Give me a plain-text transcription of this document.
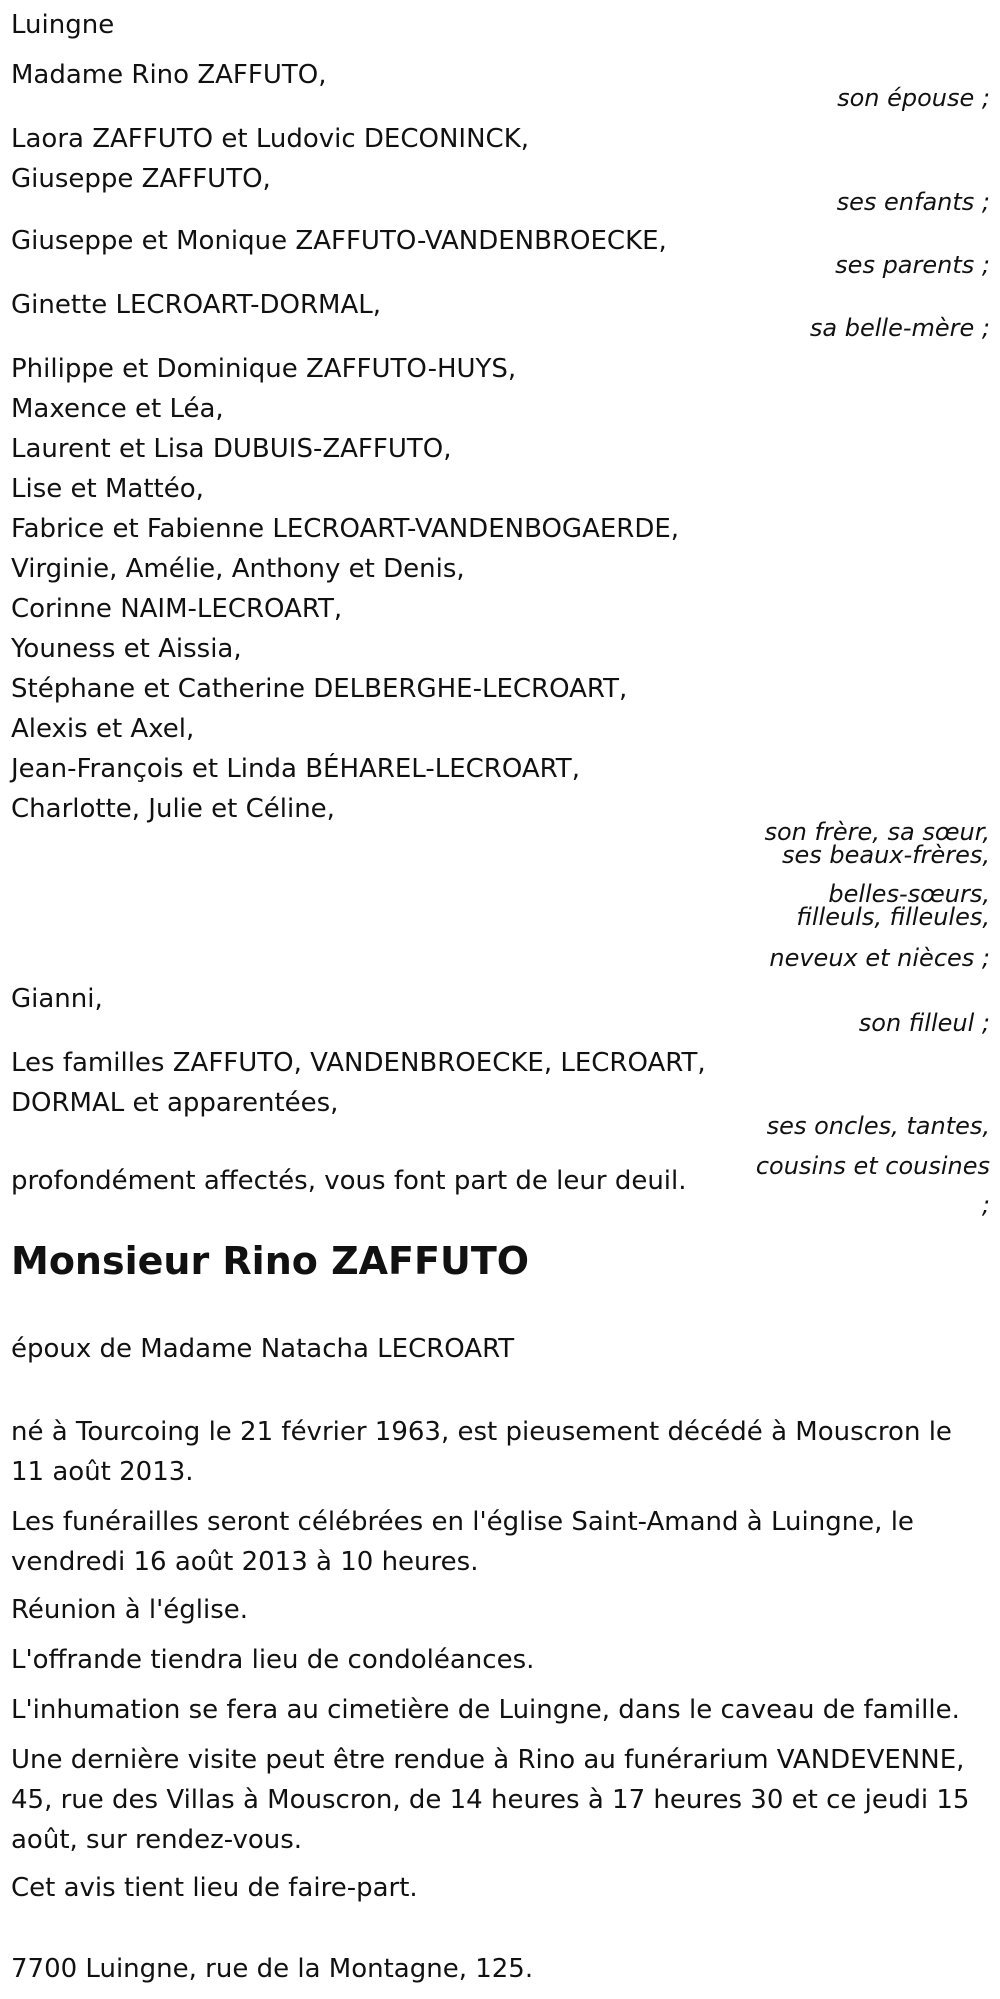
Luingne
Madame Rino ZAFFUTO,
son épouse ;
Laora ZAFFUTO et Ludovic DECONINCK,
Giuseppe ZAFFUTO,
ses enfants ;
Giuseppe et Monique ZAFFUTO-VANDENBROECKE,
ses parents ;
Ginette LECROART-DORMAL,
sa belle-mère ;
Philippe et Dominique ZAFFUTO-HUYS,
Maxence et Léa,
Laurent et Lisa DUBUIS-ZAFFUTO,
Lise et Mattéo,
Fabrice et Fabienne LECROART-VANDENBOGAERDE,
Virginie, Amélie, Anthony et Denis,
Corinne NAIM-LECROART,
Youness et Aissia,
Stéphane et Catherine DELBERGHE-LECROART,
Alexis et Axel,
Jean-François et Linda BÉHAREL-LECROART,
Charlotte, Julie et Céline,
son frère, sa sœur,
ses beaux-frères,
belles-sœurs,
filleuls, filleules,
neveux et nièces ;
Gianni,
son filleul ;
Les familles ZAFFUTO, VANDENBROECKE, LECROART,
DORMAL et apparentées,
ses oncles, tantes,
cousins et cousines
;
profondément affectés, vous font part de leur deuil.
Monsieur Rino ZAFFUTO
époux de Madame Natacha LECROART
né à Tourcoing le 21 février 1963, est pieusement décédé à Mouscron le 11 août 2013.
Les funérailles seront célébrées en l'église Saint-Amand à Luingne, le vendredi 16 août 2013 à 10 heures.
Réunion à l'église.
L'offrande tiendra lieu de condoléances.
L'inhumation se fera au cimetière de Luingne, dans le caveau de famille.
Une dernière visite peut être rendue à Rino au funérarium VANDEVENNE, 45, rue des Villas à Mouscron, de 14 heures à 17 heures 30 et ce jeudi 15 août, sur rendez-vous.
Cet avis tient lieu de faire-part.
7700 Luingne, rue de la Montagne, 125.
